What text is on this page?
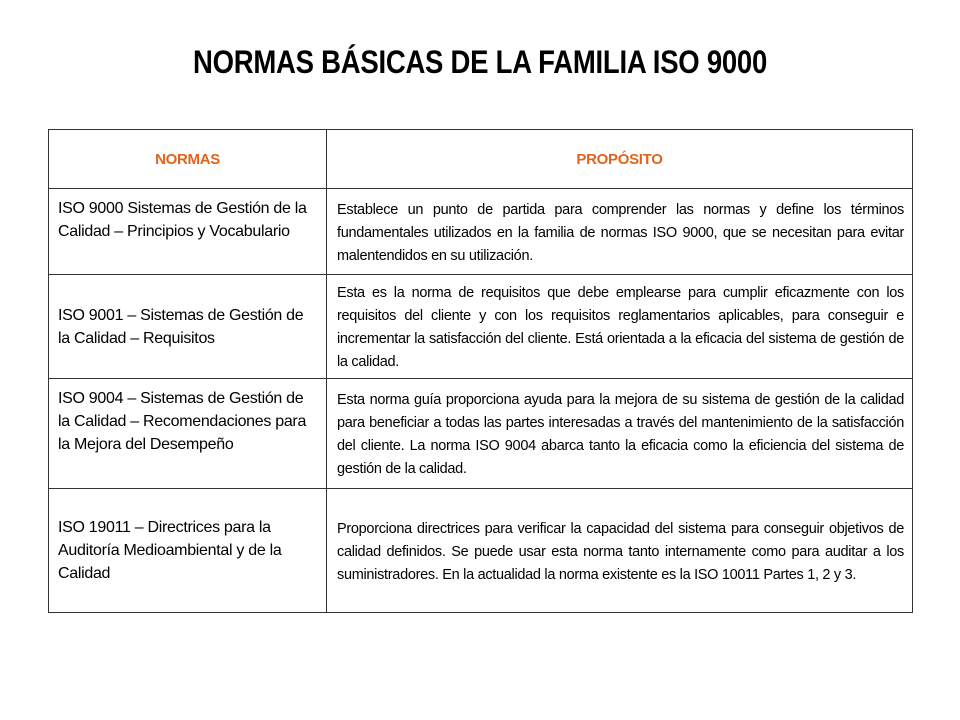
NORMAS BÁSICAS DE LA FAMILIA ISO 9000
NORMAS	PROPÓSITO
ISO 9000 Sistemas de Gestión de la Calidad – Principios y Vocabulario	Establece un punto de partida para comprender las normas y define los términos fundamentales utilizados en la familia de normas ISO 9000, que se necesitan para evitar malentendidos en su utilización.
ISO 9001 – Sistemas de Gestión de la Calidad – Requisitos	Esta es la norma de requisitos que debe emplearse para cumplir eficazmente con los requisitos del cliente y con los requisitos reglamentarios aplicables, para conseguir e incrementar la satisfacción del cliente. Está orientada a la eficacia del sistema de gestión de la calidad.
ISO 9004 – Sistemas de Gestión de la Calidad – Recomendaciones para la Mejora del Desempeño	Esta norma guía proporciona ayuda para la mejora de su sistema de gestión de la calidad para beneficiar a todas las partes interesadas a través del mantenimiento de la satisfacción del cliente. La norma ISO 9004 abarca tanto la eficacia como la eficiencia del sistema de gestión de la calidad.
ISO 19011 – Directrices para la Auditoría Medioambiental y de la Calidad	Proporciona directrices para verificar la capacidad del sistema para conseguir objetivos de calidad definidos. Se puede usar esta norma tanto internamente como para auditar a los suministradores. En la actualidad la norma existente es la ISO 10011 Partes 1, 2 y 3.
